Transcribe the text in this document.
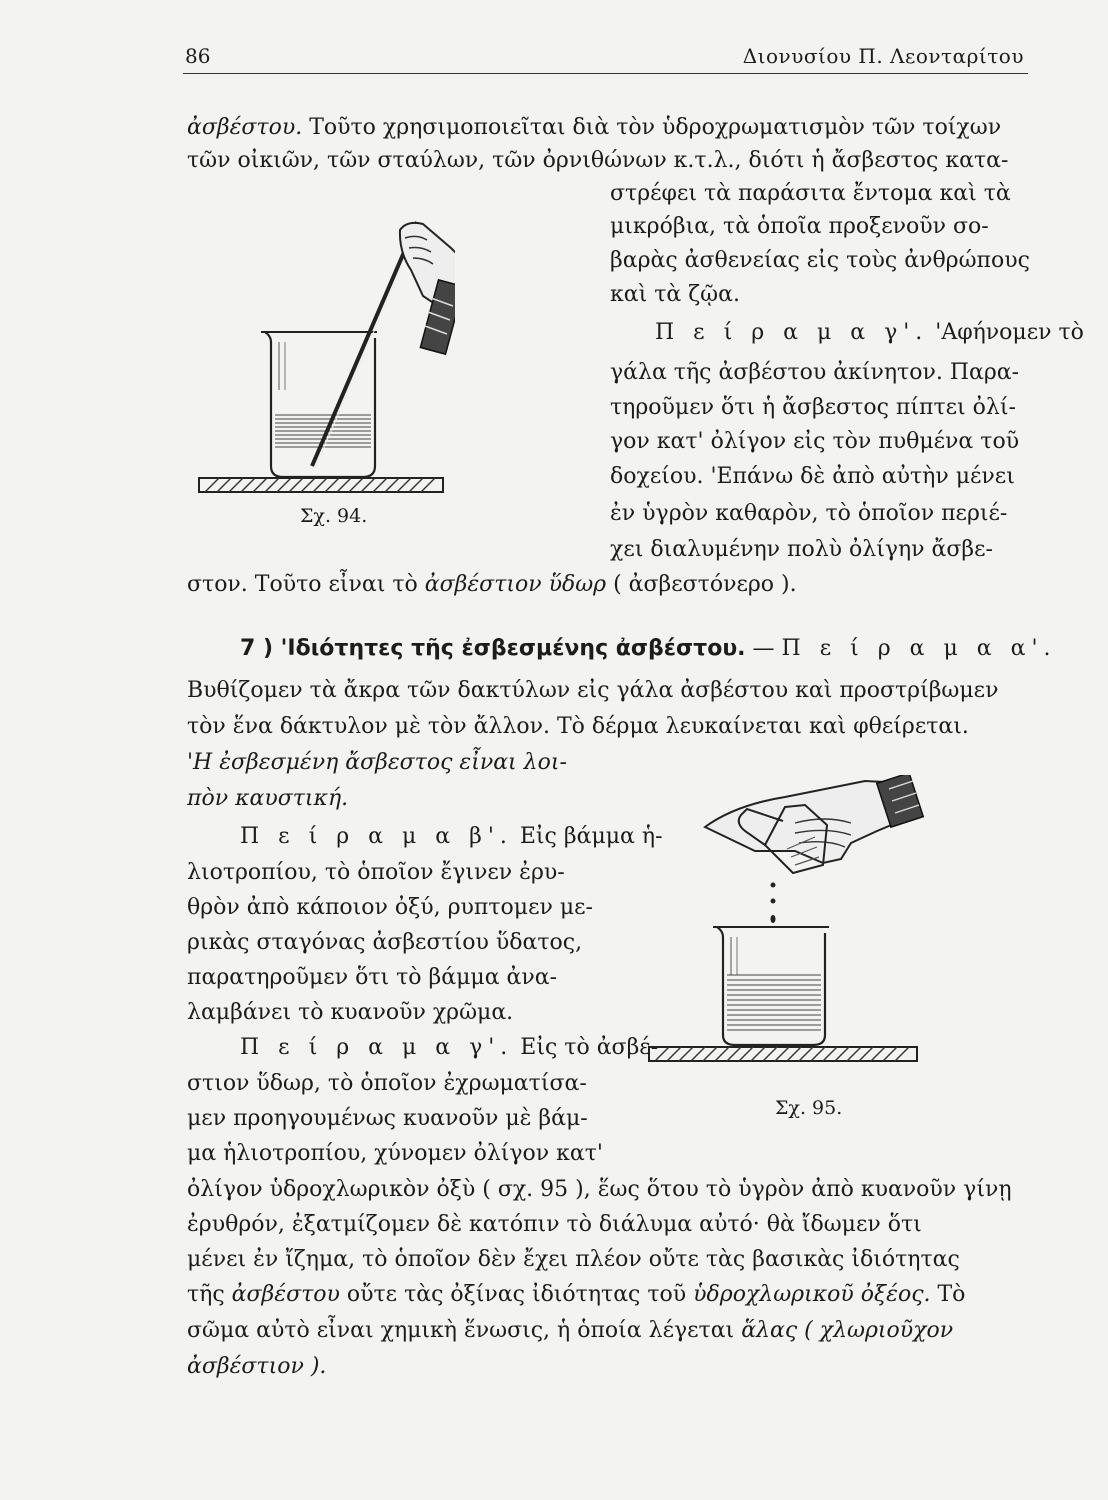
86	Διονυσίου Π. Λεονταρίτου
ἀσβέστου. Τοῦτο χρησιμοποιεῖται διὰ τὸν ὑδροχρωματισμὸν τῶν τοίχων
τῶν οἰκιῶν, τῶν σταύλων, τῶν ὀρνιθώνων κ.τ.λ., διότι ἡ ἄσβεστος κατα-
στρέφει τὰ παράσιτα ἔντομα καὶ τὰ
μικρόβια, τὰ ὁποῖα προξενοῦν σο-
βαρὰς ἀσθενείας εἰς τοὺς ἀνθρώπους
καὶ τὰ ζῷα.
Π ε ί ρ α μ α γ'. 'Αφήνομεν τὸ
γάλα τῆς ἀσβέστου ἀκίνητον. Παρα-
τηροῦμεν ὅτι ἡ ἄσβεστος πίπτει ὀλί-
γον κατ' ὀλίγον εἰς τὸν πυθμένα τοῦ
δοχείου. 'Επάνω δὲ ἀπὸ αὐτὴν μένει
ἐν ὑγρὸν καθαρὸν, τὸ ὁποῖον περιέ-
χει διαλυμένην πολὺ ὀλίγην ἄσβε-
στον. Τοῦτο εἶναι τὸ ἀσβέστιον ὕδωρ ( ἀσβεστόνερο ).
Σχ. 94.
7 ) 'Ιδιότητες τῆς ἐσβεσμένης ἀσβέστου. — Π ε ί ρ α μ α α'.
Βυθίζομεν τὰ ἄκρα τῶν δακτύλων εἰς γάλα ἀσβέστου καὶ προστρίβωμεν
τὸν ἕνα δάκτυλον μὲ τὸν ἄλλον. Τὸ δέρμα λευκαίνεται καὶ φθείρεται.
'Η ἐσβεσμένη ἄσβεστος εἶναι λοι-
πὸν καυστική.
Π ε ί ρ α μ α β'. Εἰς βάμμα ἡ-
λιοτροπίου, τὸ ὁποῖον ἔγινεν ἐρυ-
θρὸν ἀπὸ κάποιον ὀξύ, ρυπτομεν με-
ρικὰς σταγόνας ἀσβεστίου ὕδατος,
παρατηροῦμεν ὅτι τὸ βάμμα ἀνα-
λαμβάνει τὸ κυανοῦν χρῶμα.
Π ε ί ρ α μ α γ'. Εἰς τὸ ἀσβέ-
στιον ὕδωρ, τὸ ὁποῖον ἐχρωματίσα-
μεν προηγουμένως κυανοῦν μὲ βάμ-
μα ἡλιοτροπίου, χύνομεν ὀλίγον κατ'
ὀλίγον ὑδροχλωρικὸν ὀξὺ ( σχ. 95 ), ἕως ὅτου τὸ ὑγρὸν ἀπὸ κυανοῦν γίνῃ
ἐρυθρόν, ἐξατμίζομεν δὲ κατόπιν τὸ διάλυμα αὐτό· θὰ ἴδωμεν ὅτι
μένει ἐν ἴζημα, τὸ ὁποῖον δὲν ἔχει πλέον οὔτε τὰς βασικὰς ἰδιότητας
τῆς ἀσβέστου οὔτε τὰς ὀξίνας ἰδιότητας τοῦ ὑδροχλωρικοῦ ὀξέος. Τὸ
σῶμα αὐτὸ εἶναι χημικὴ ἕνωσις, ἡ ὁποία λέγεται ἅλας ( χλωριοῦχον
ἀσβέστιον ).
Σχ. 95.
